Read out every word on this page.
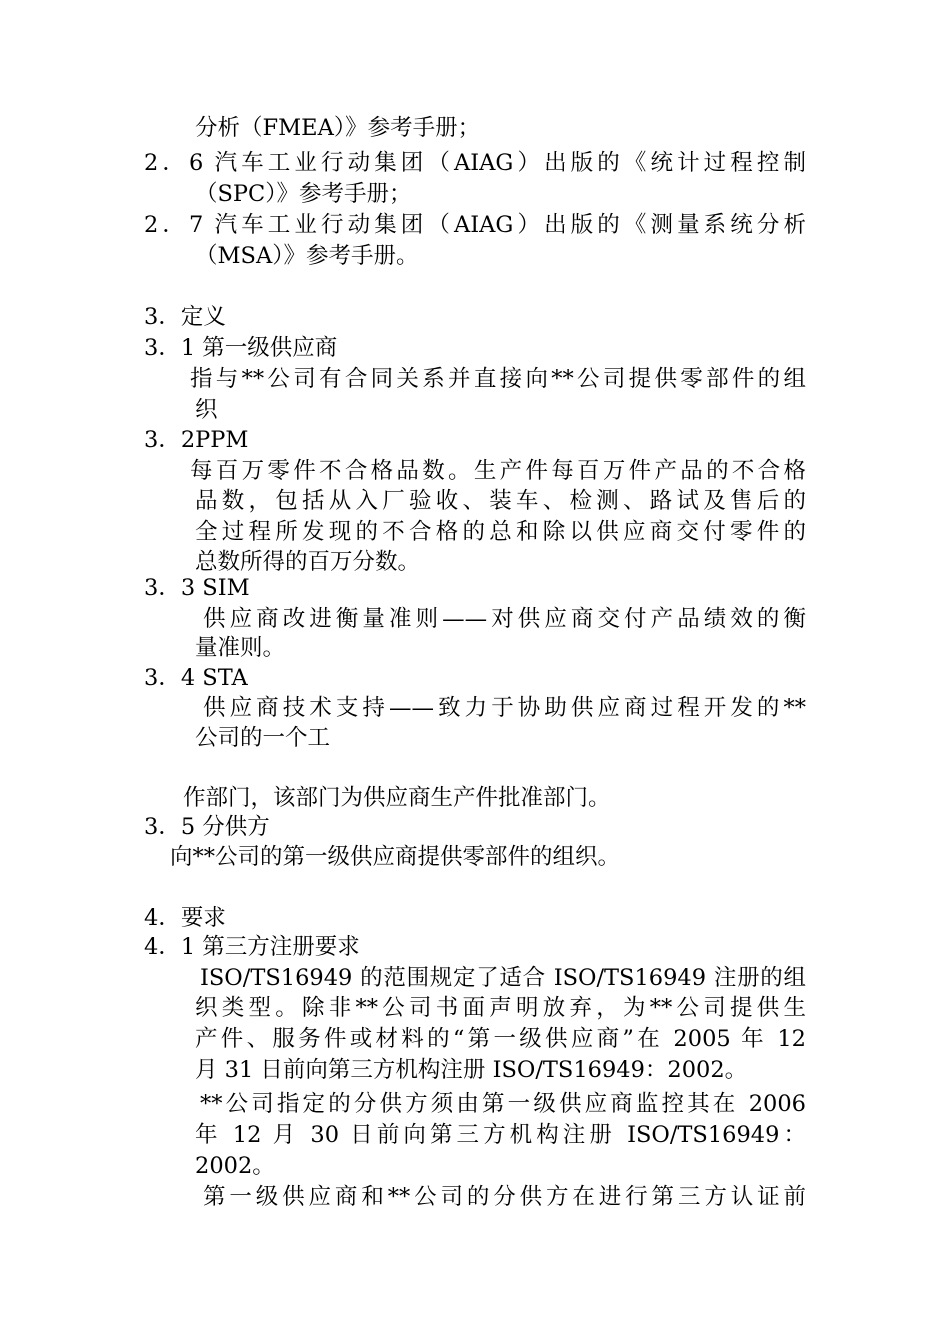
分析（FMEA）》参考手册；
2．6 汽车工业行动集团（AIAG）出版的《统计过程控制
（SPC）》参考手册；
2．7 汽车工业行动集团（AIAG）出版的《测量系统分析
（MSA）》参考手册。
3．定义
3．1 第一级供应商
指与**公司有合同关系并直接向**公司提供零部件的组
织
3．2PPM
每百万零件不合格品数。生产件每百万件产品的不合格
品数，包括从入厂验收、装车、检测、路试及售后的
全过程所发现的不合格的总和除以供应商交付零件的
总数所得的百万分数。
3．3 SIM
供应商改进衡量准则——对供应商交付产品绩效的衡
量准则。
3．4 STA
供应商技术支持——致力于协助供应商过程开发的**
公司的一个工
作部门，该部门为供应商生产件批准部门。
3．5 分供方
向**公司的第一级供应商提供零部件的组织。
4．要求
4．1 第三方注册要求
ISO/TS16949 的范围规定了适合 ISO/TS16949 注册的组
织类型。除非**公司书面声明放弃，为**公司提供生
产件、服务件或材料的“第一级供应商”在 2005 年 12
月 31 日前向第三方机构注册 ISO/TS16949：2002。
**公司指定的分供方须由第一级供应商监控其在 2006
年 12 月 30 日前向第三方机构注册 ISO/TS16949：
2002。
第一级供应商和**公司的分供方在进行第三方认证前
